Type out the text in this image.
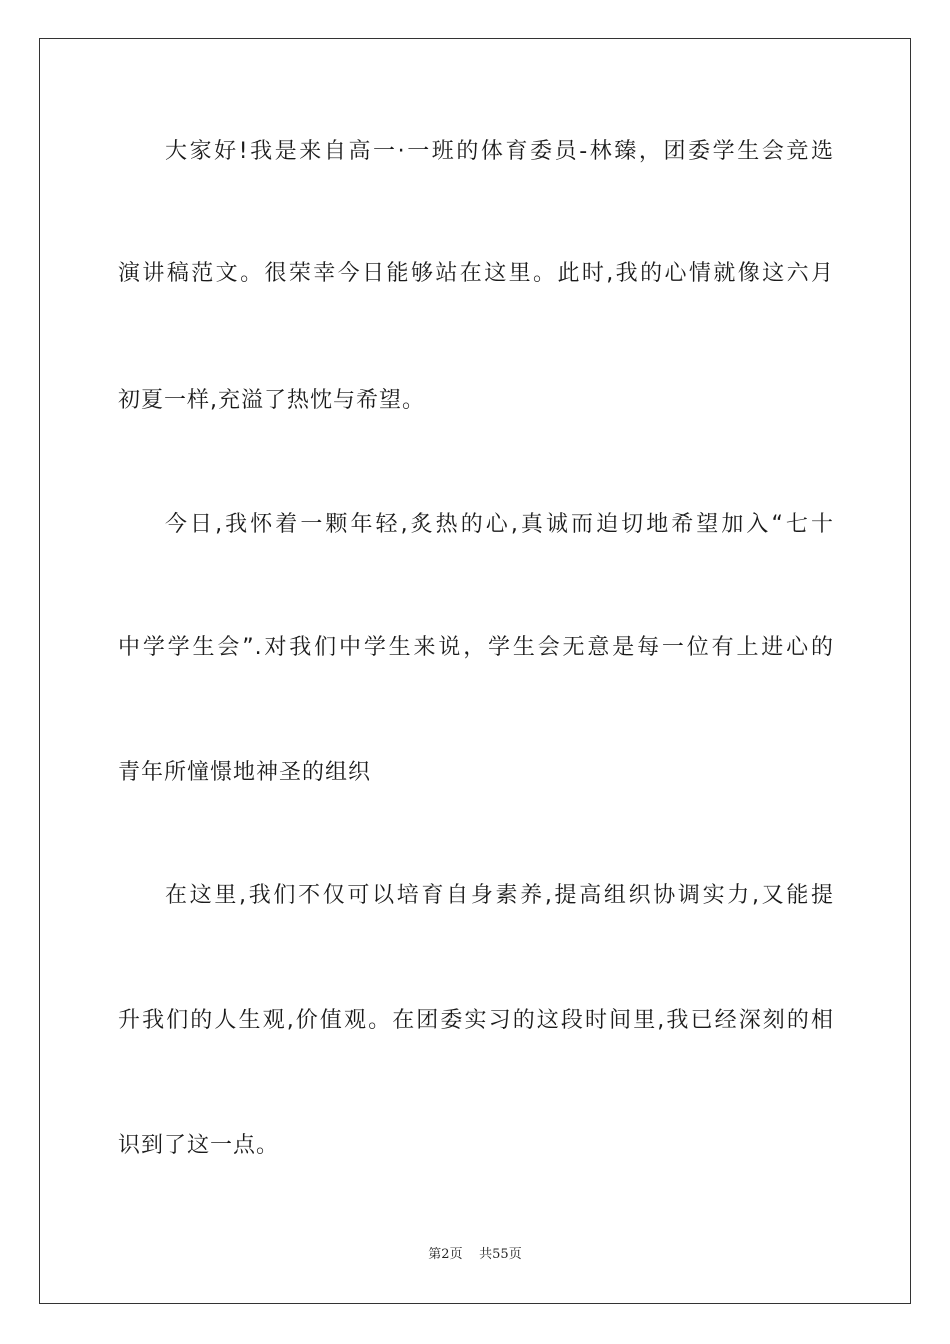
大家好!我是来自高一·一班的体育委员-林臻，团委学生会竞选
演讲稿范文。很荣幸今日能够站在这里。此时,我的心情就像这六月
初夏一样,充溢了热忱与希望。
今日,我怀着一颗年轻,炙热的心,真诚而迫切地希望加入“七十
中学学生会”.对我们中学生来说，学生会无意是每一位有上进心的
青年所憧憬地神圣的组织
在这里,我们不仅可以培育自身素养,提高组织协调实力,又能提
升我们的人生观,价值观。在团委实习的这段时间里,我已经深刻的相
识到了这一点。
第2页 共55页
